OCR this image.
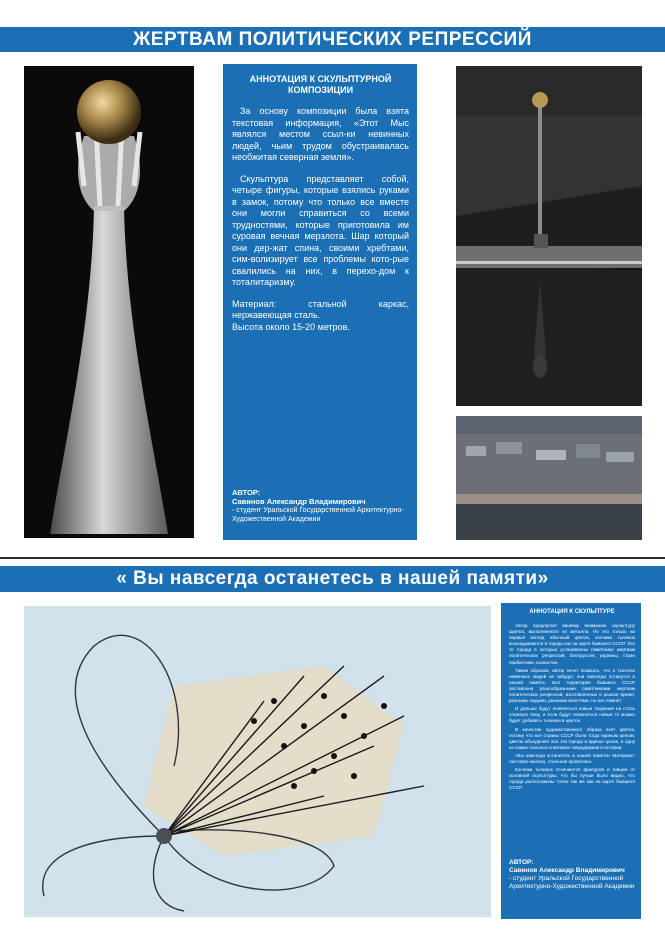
ЖЕРТВАМ ПОЛИТИЧЕСКИХ РЕПРЕССИЙ
АННОТАЦИЯ К СКУЛЬПТУРНОЙ КОМПОЗИЦИИ

За основу композиции была взята текстовая информация, «Этот Мыс являлся местом ссыл-ки невинных людей, чьим трудом обустраивалась необжитая северная земля».

Скульптура представляет собой, четыре фигуры, которые взялись руками в замок, потому что только все вместе они могли справиться со всеми трудностями, которые приготовила им суровая вечная мерзлота. Шар который они дер-жат спина, своими хребтами, сим-волизирует все проблемы кото-рые свалились на них, в перехо-дом к тоталитаризму.

Материал: стальной каркас, нержавеющая сталь.
Высота около 15-20 метров.

АВТОР:
Савинов Александр Владимирович
- студент Уральской Государственной Архитектурно-Художественной Академии
« Вы навсегда останетесь в нашей памяти»
АННОТАЦИЯ К СКУЛЬПТУРЕ

Автор предлагает вашему вниманию скульптуру Цветка, выполненного из металла. Но это только на первый взгляд обычный цветок, кончики тычинок выкладываются в города как на карте бывшего СССР. Это те города в которых установлены памятники жертвам политических репрессий, белоруссия, украины, стран прибалтики, казахстан.

Таким образом, автор хочет показать, что о тысячах невинных людей не забудут, они навсегда останутся в нашей памяти. Вся территория бывшего СССР заставлена разнообразными памятниками жертвам политических репрессий, изготовленных в разное время, разными людьми, разными властями, но все помнят.

И дальше будут появляться новые творения на столь сложную тему, и если будут появляться новые то можно будет добавить тычинки в цветок.

В качестве художественного образа взят цветок, потому что все страны СССР были тогда единым целым, цветок объединяет все эти города в единое целое, в одну из самых сильных и великих сверхдержав в истории.

«Вы навсегда останетесь в нашей памяти» Материал: листовое железо, стальная проволока.

Кончики тычинок отличаются фактурой и гивцем от основной скульптуры, что бы лучше было видно, что города расположены точно так же как на карте бывшего СССР.

АВТОР:
Савинов Александр Владимирович
- студент Уральской Государственной Архитектурно-Художественной Академии
